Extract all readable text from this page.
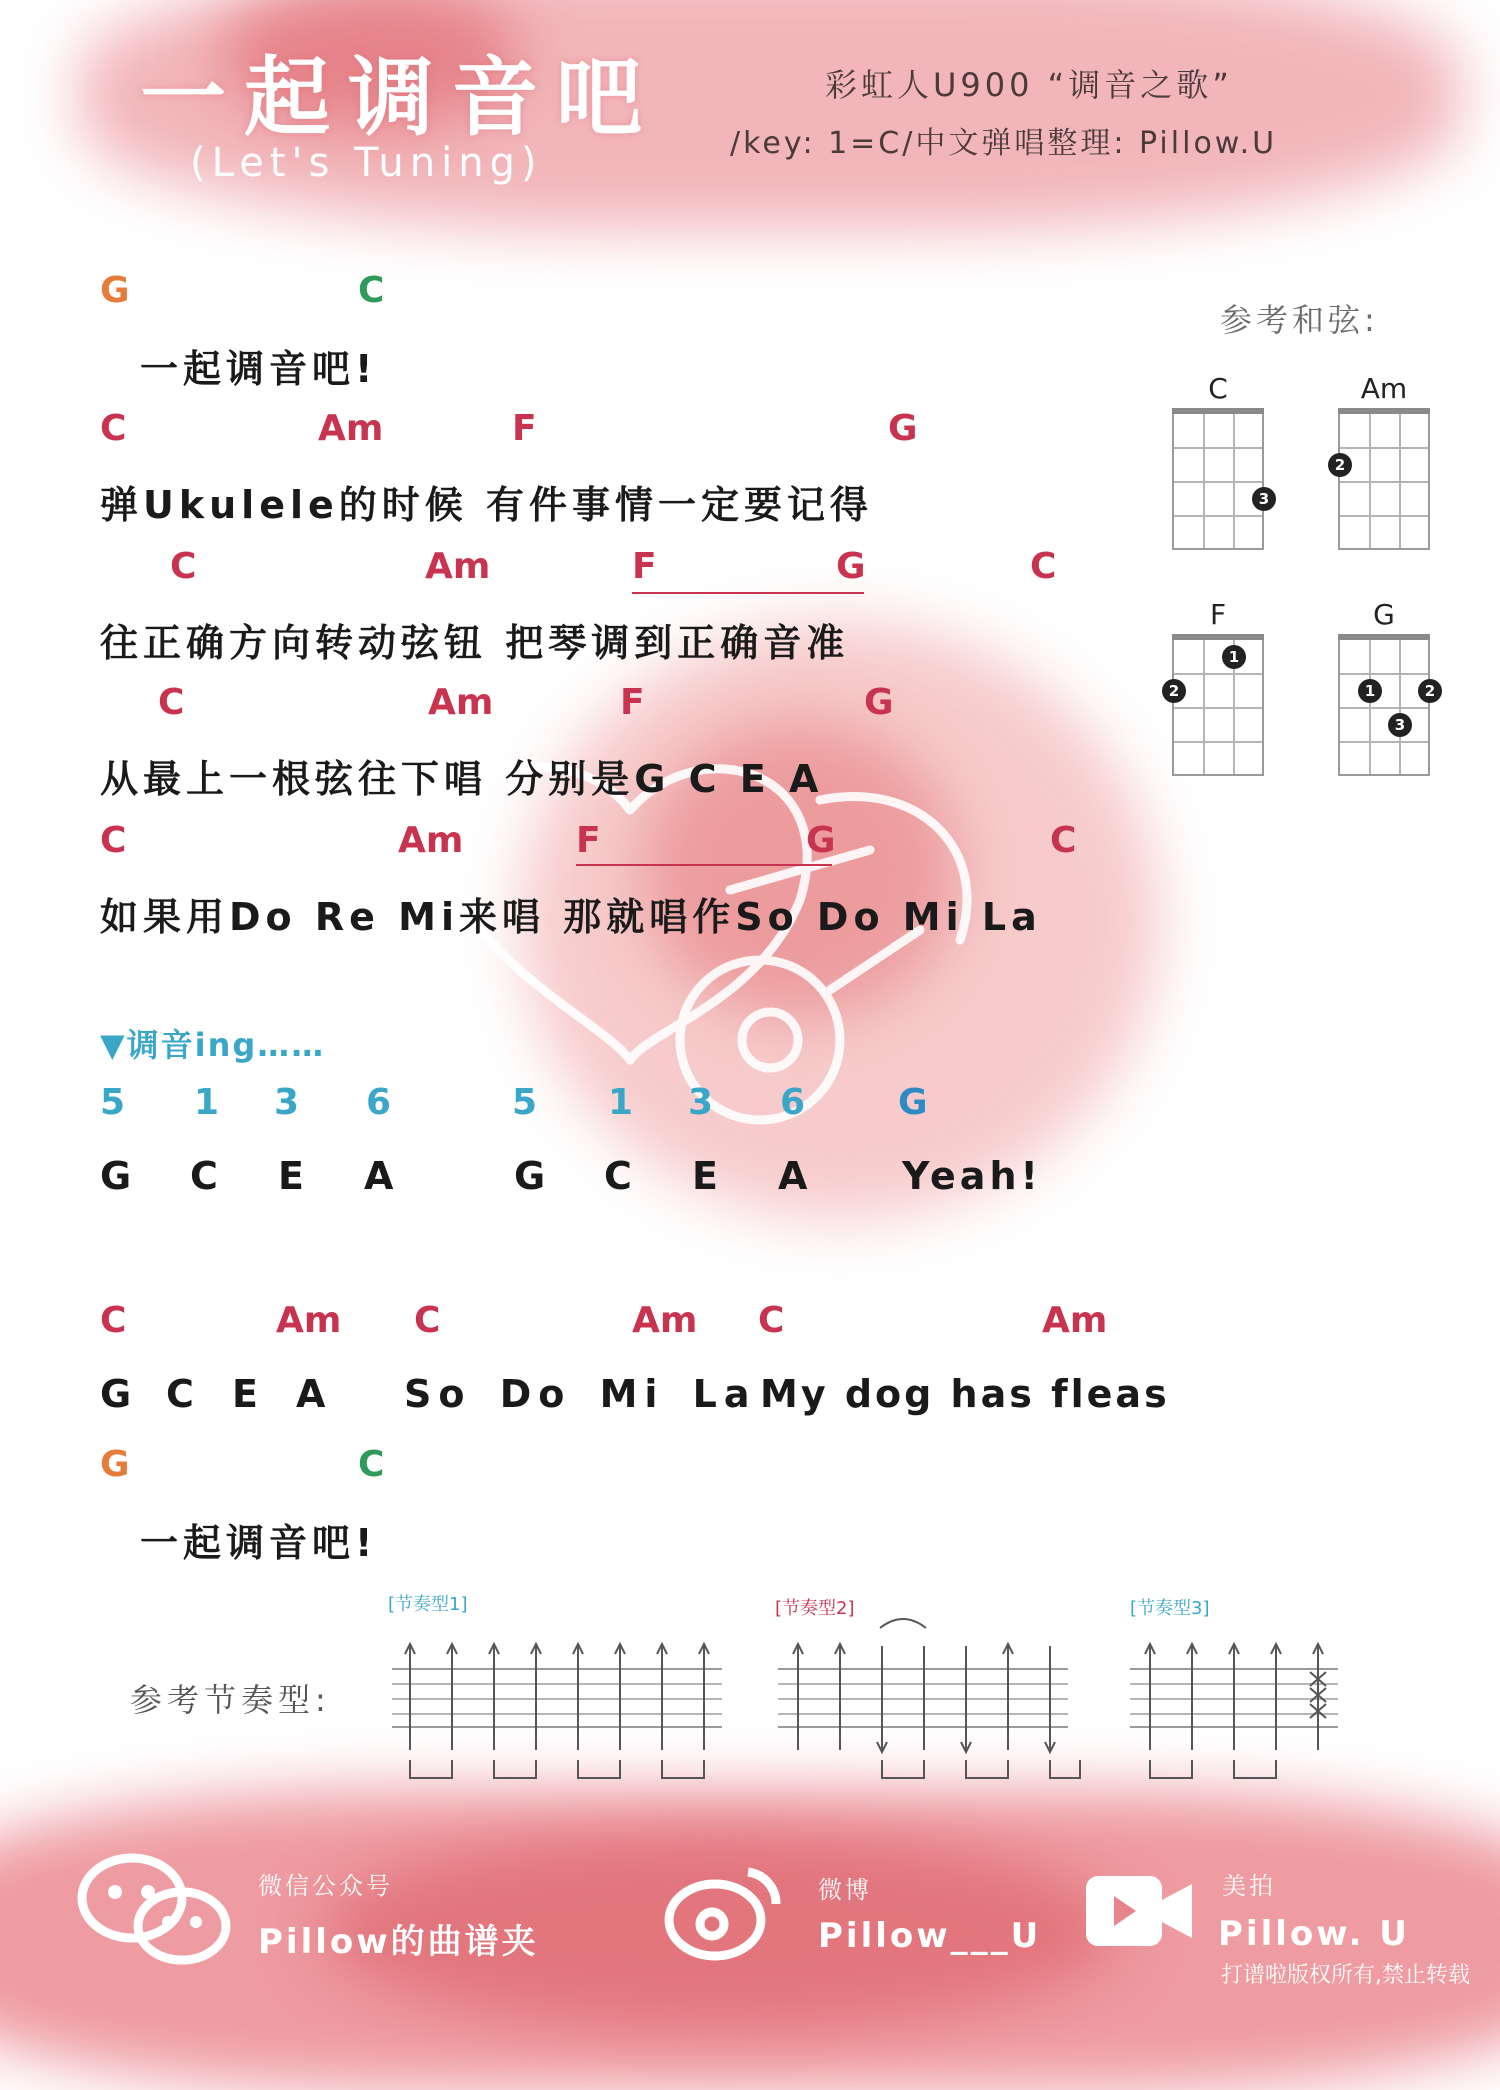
一起调音吧
(Let's Tuning)
彩虹人U900 “调音之歌”
/key: 1=C/中文弹唱整理: Pillow.U
G	C
一起调音吧!
C	Am	F	G
弹Ukulele的时候 有件事情一定要记得
C	Am	F	G	C
往正确方向转动弦钮 把琴调到正确音准
C	Am	F	G
从最上一根弦往下唱 分别是G C E A
C	Am	F	G	C
如果用Do Re Mi来唱 那就唱作So Do Mi La
▼调音ing……
5 1 3 6	5 1 3 6	G
G C E A	G C E A Yeah!
C	Am C	Am C	Am
G C E A So Do Mi La My dog has fleas
G	C
一起调音吧!
参考和弦:
C
3
Am
2
F
1
2
G
1	2
3
参考节奏型:
[节奏型1]	[节奏型2]	[节奏型3]
微信公众号
Pillow的曲谱夹
微博
Pillow___U
美拍
Pillow. U
打谱啦版权所有,禁止转载
